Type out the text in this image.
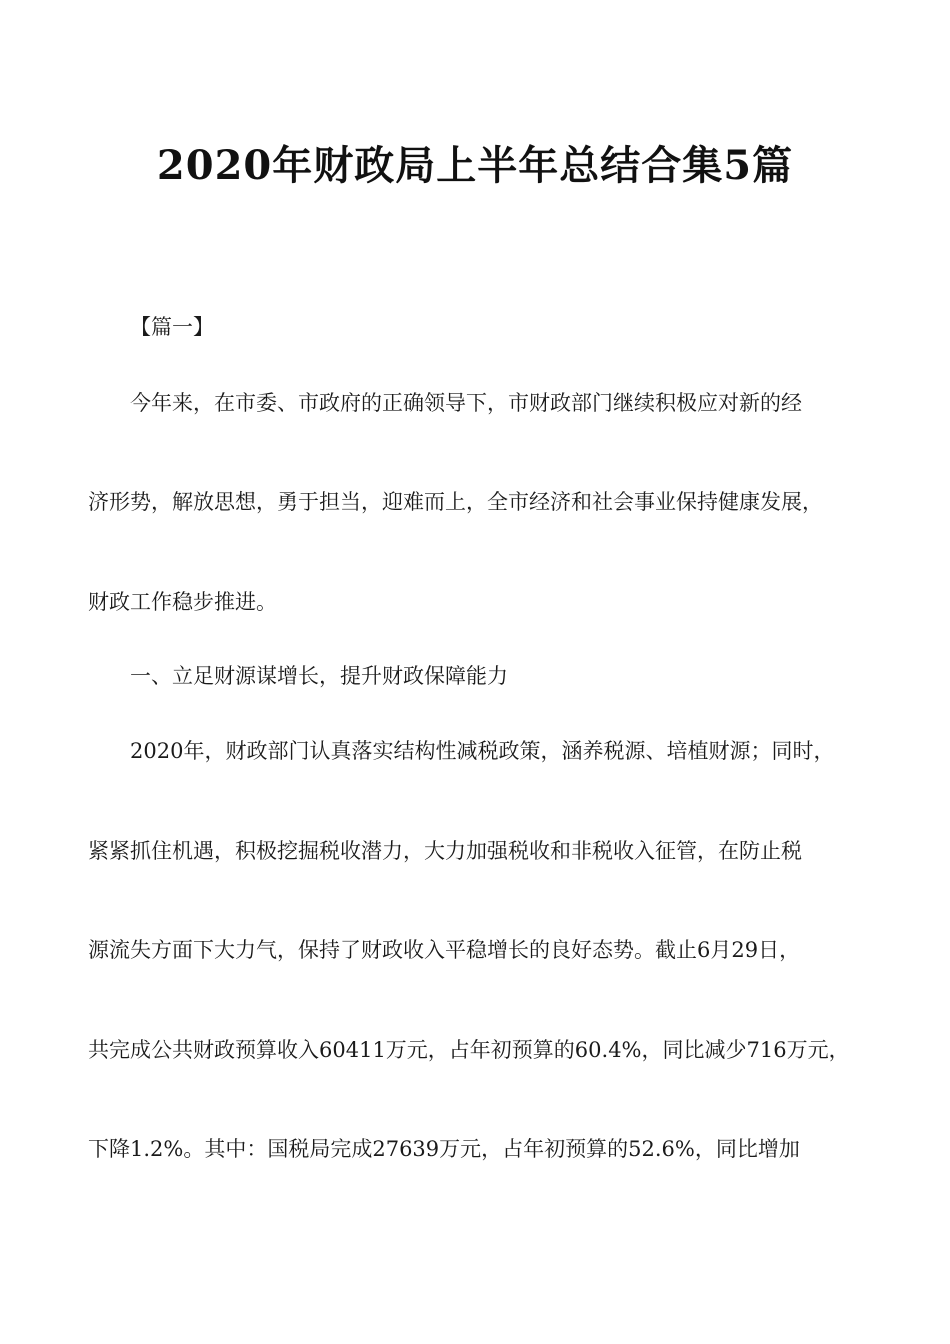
2020年财政局上半年总结合集5篇
【篇一】
今年来，在市委、市政府的正确领导下，市财政部门继续积极应对新的经
济形势，解放思想，勇于担当，迎难而上，全市经济和社会事业保持健康发展，
财政工作稳步推进。
一、立足财源谋增长，提升财政保障能力
2020年，财政部门认真落实结构性减税政策，涵养税源、培植财源；同时，
紧紧抓住机遇，积极挖掘税收潜力，大力加强税收和非税收入征管，在防止税
源流失方面下大力气，保持了财政收入平稳增长的良好态势。截止6月29日，
共完成公共财政预算收入60411万元，占年初预算的60.4%，同比减少716万元，
下降1.2%。其中：国税局完成27639万元，占年初预算的52.6%，同比增加
